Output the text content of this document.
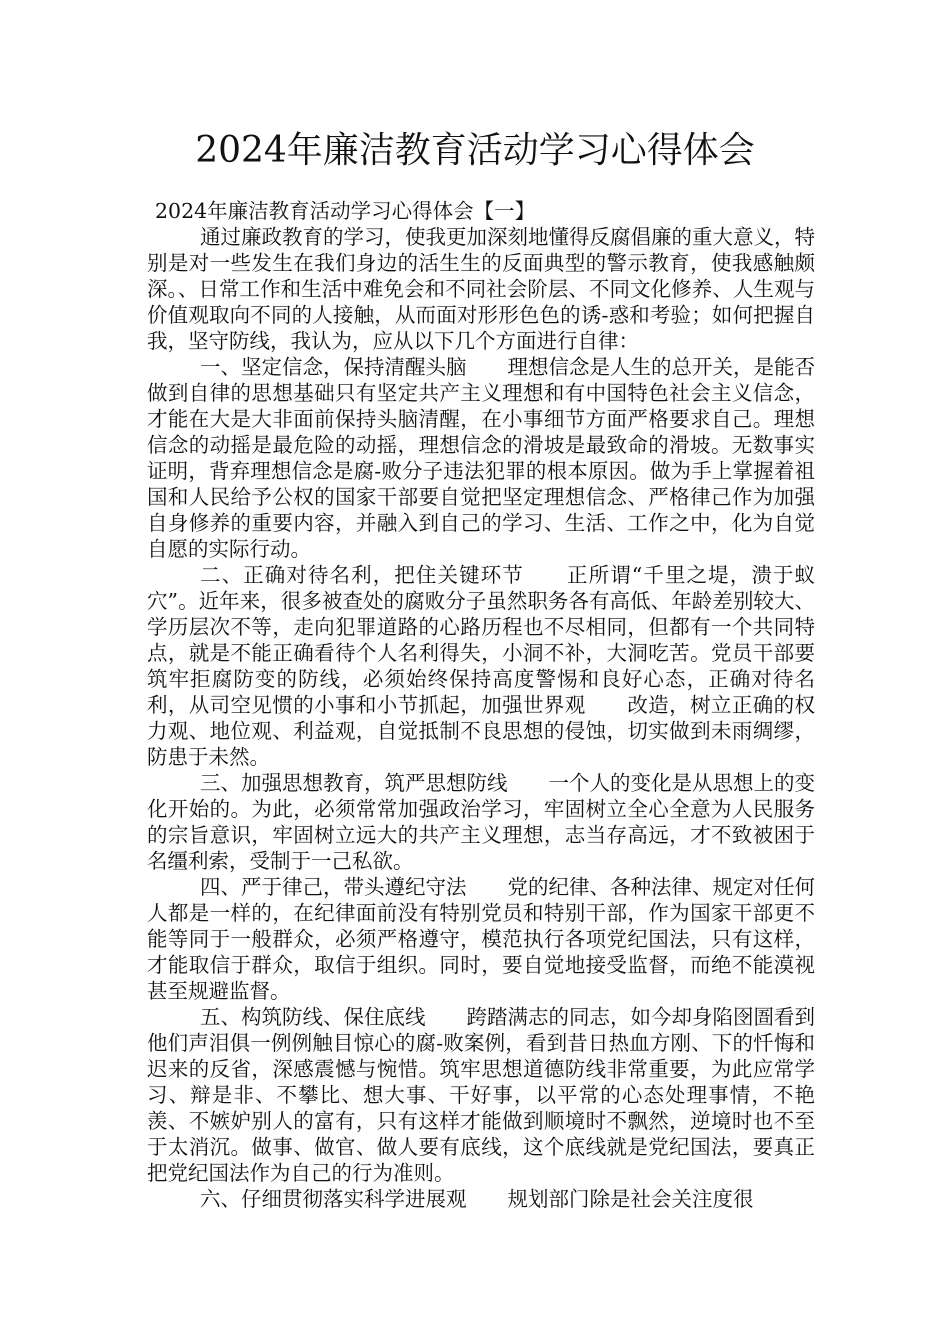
2024年廉洁教育活动学习心得体会

2024年廉洁教育活动学习心得体会【一】

通过廉政教育的学习，使我更加深刻地懂得反腐倡廉的重大意义，特别是对一些发生在我们身边的活生生的反面典型的警示教育，使我感触颇深。、日常工作和生活中难免会和不同社会阶层、不同文化修养、人生观与价值观取向不同的人接触，从而面对形形色色的诱-惑和考验；如何把握自我，坚守防线，我认为，应从以下几个方面进行自律：

一、坚定信念，保持清醒头脑　　理想信念是人生的总开关，是能否做到自律的思想基础只有坚定共产主义理想和有中国特色社会主义信念，才能在大是大非面前保持头脑清醒，在小事细节方面严格要求自己。理想信念的动摇是最危险的动摇，理想信念的滑坡是最致命的滑坡。无数事实证明，背弃理想信念是腐-败分子违法犯罪的根本原因。做为手上掌握着祖国和人民给予公权的国家干部要自觉把坚定理想信念、严格律己作为加强自身修养的重要内容，并融入到自己的学习、生活、工作之中，化为自觉自愿的实际行动。

二、正确对待名利，把住关键环节　　正所谓“千里之堤，溃于蚁穴”。近年来，很多被查处的腐败分子虽然职务各有高低、年龄差别较大、学历层次不等，走向犯罪道路的心路历程也不尽相同，但都有一个共同特点，就是不能正确看待个人名利得失，小洞不补，大洞吃苦。党员干部要筑牢拒腐防变的防线，必须始终保持高度警惕和良好心态，正确对待名利，从司空见惯的小事和小节抓起，加强世界观　　改造，树立正确的权力观、地位观、利益观，自觉抵制不良思想的侵蚀，切实做到未雨绸缪，防患于未然。

三、加强思想教育，筑严思想防线　　一个人的变化是从思想上的变化开始的。为此，必须常常加强政治学习，牢固树立全心全意为人民服务的宗旨意识，牢固树立远大的共产主义理想，志当存高远，才不致被困于名缰利索，受制于一己私欲。

四、严于律己，带头遵纪守法　　党的纪律、各种法律、规定对任何人都是一样的，在纪律面前没有特别党员和特别干部，作为国家干部更不能等同于一般群众，必须严格遵守，模范执行各项党纪国法，只有这样，才能取信于群众，取信于组织。同时，要自觉地接受监督，而绝不能漠视甚至规避监督。

五、构筑防线、保住底线　　跨踏满志的同志，如今却身陷囹圄看到他们声泪俱一例例触目惊心的腐-败案例，看到昔日热血方刚、下的忏悔和迟来的反省，深感震憾与惋惜。筑牢思想道德防线非常重要，为此应常学习、辩是非、不攀比、想大事、干好事，以平常的心态处理事情，不艳羡、不嫉妒别人的富有，只有这样才能做到顺境时不飘然，逆境时也不至于太消沉。做事、做官、做人要有底线，这个底线就是党纪国法，要真正把党纪国法作为自己的行为准则。

六、仔细贯彻落实科学进展观　　规划部门除是社会关注度很
